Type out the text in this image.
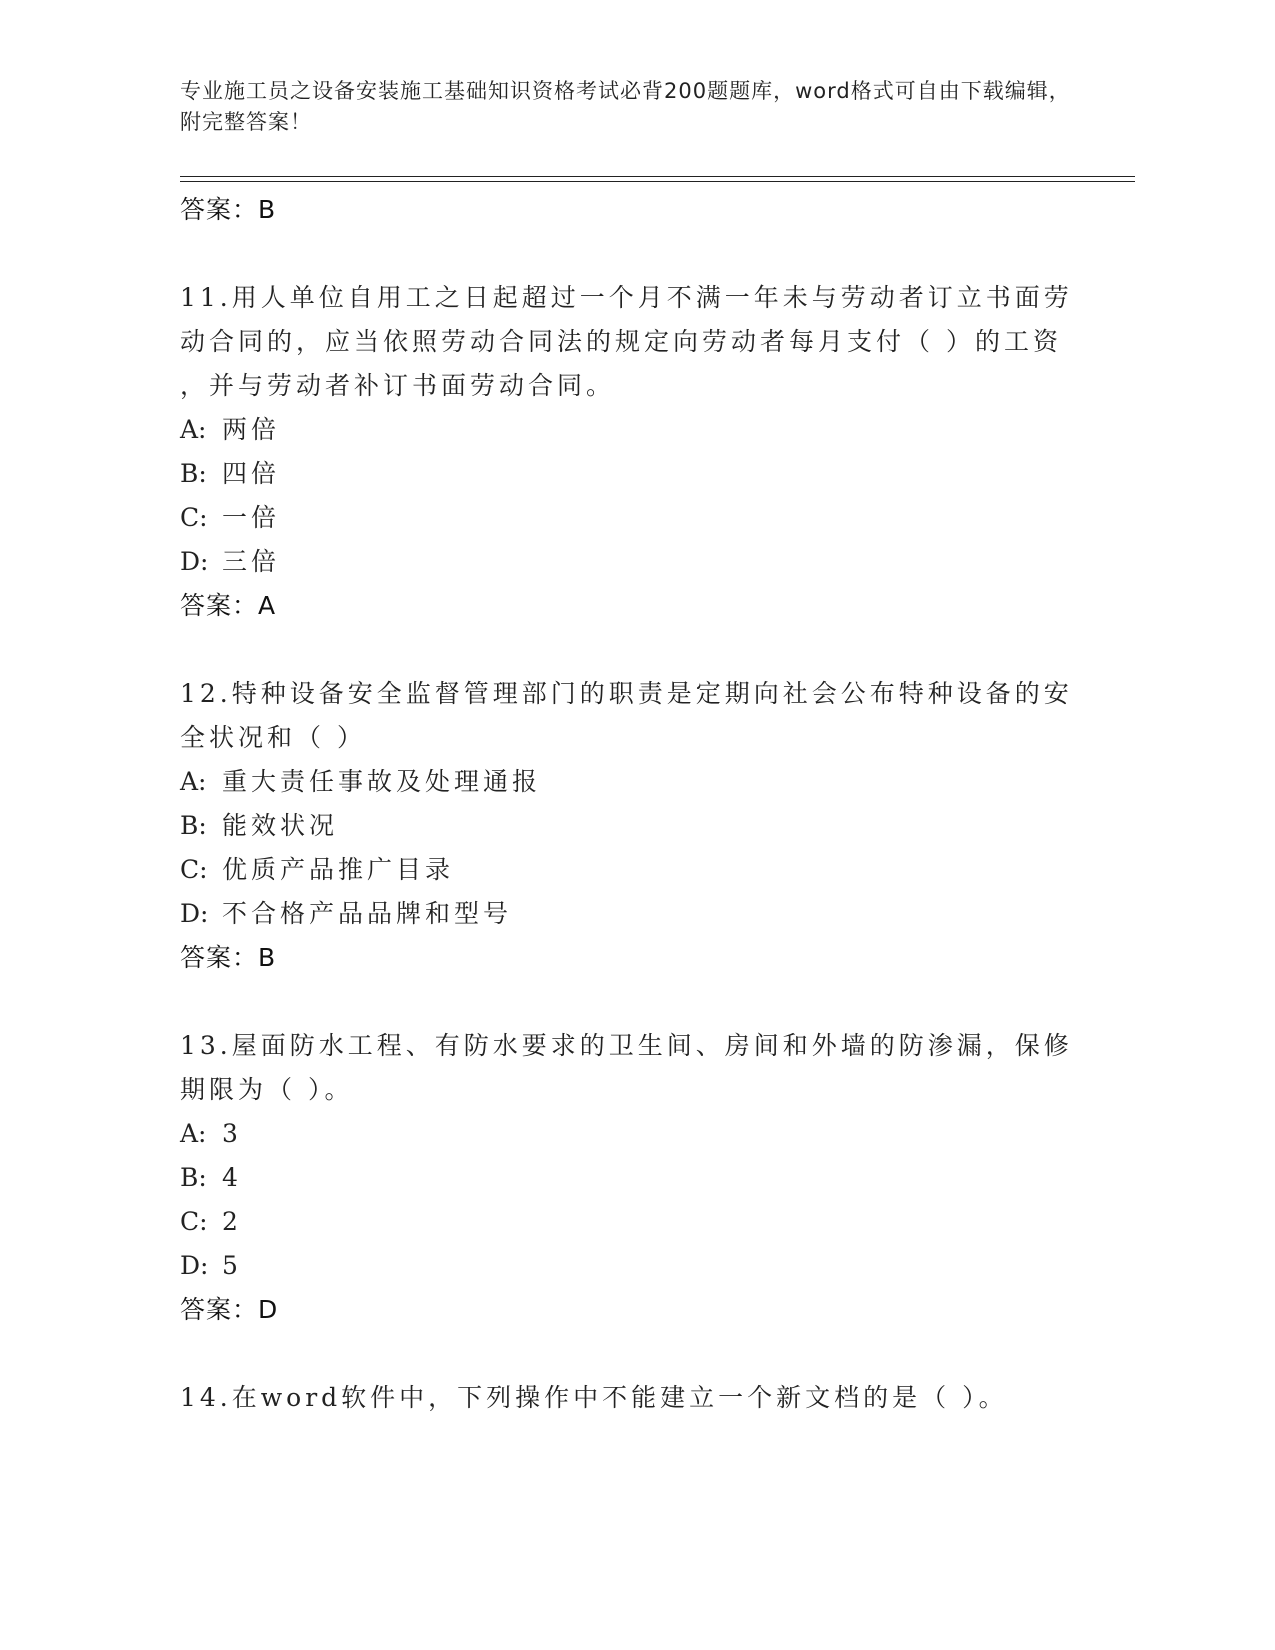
专业施工员之设备安装施工基础知识资格考试必背200题题库，word格式可自由下载编辑，附完整答案！
答案：B
11.用人单位自用工之日起超过一个月不满一年未与劳动者订立书面劳
动合同的，应当依照劳动合同法的规定向劳动者每月支付（ ）的工资
，并与劳动者补订书面劳动合同。
A: 两倍
B: 四倍
C: 一倍
D: 三倍
答案：A
12.特种设备安全监督管理部门的职责是定期向社会公布特种设备的安
全状况和（ ）
A: 重大责任事故及处理通报
B: 能效状况
C: 优质产品推广目录
D: 不合格产品品牌和型号
答案：B
13.屋面防水工程、有防水要求的卫生间、房间和外墙的防渗漏，保修
期限为（ ）。
A: 3
B: 4
C: 2
D: 5
答案：D
14.在word软件中，下列操作中不能建立一个新文档的是（ ）。
